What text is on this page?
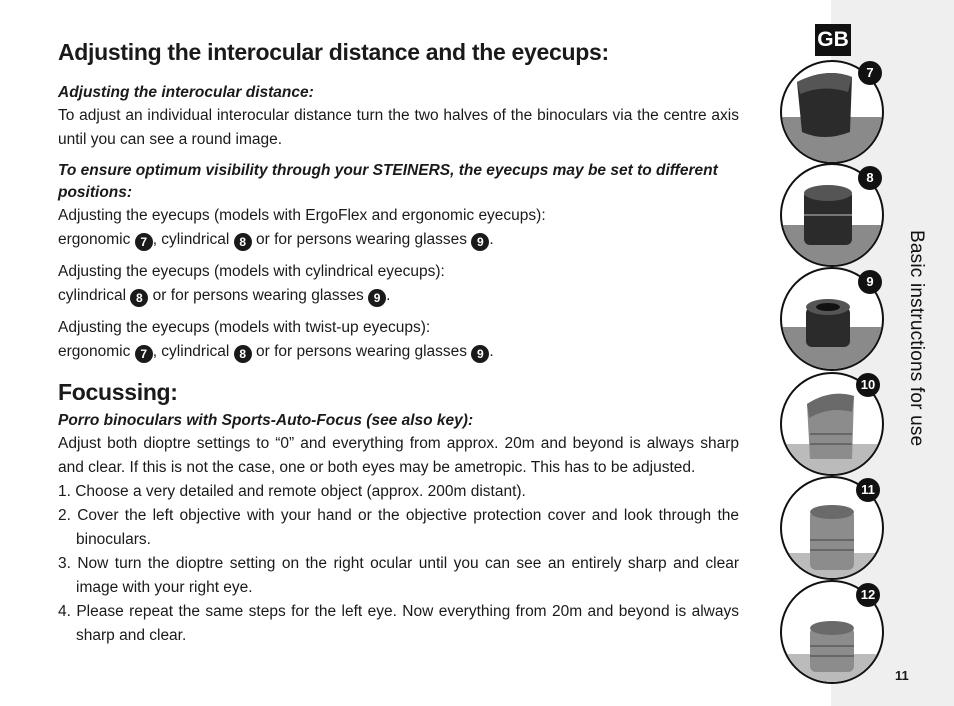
GB
Adjusting the interocular distance and the eyecups:
Adjusting the interocular distance:

To adjust an individual interocular distance turn the two halves of the binoculars via the centre axis until you can see a round image.

To ensure optimum visibility through your STEINERS, the eyecups may be set to different positions:

Adjusting the eyecups (models with ErgoFlex and ergonomic eyecups):

ergonomic 7 , cylindrical 8 or for persons wearing glasses 9 .

Adjusting the eyecups (models with cylindrical eyecups):

cylindrical 8 or for persons wearing glasses 9 .

Adjusting the eyecups (models with twist-up eyecups):

ergonomic 7 , cylindrical 8 or for persons wearing glasses 9 .

Focussing:
Porro binoculars with Sports-Auto-Focus (see also key):

Adjust both dioptre settings to “0” and everything from approx. 20m and beyond is always sharp and clear. If this is not the case, one or both eyes may be ametropic. This has to be adjusted.

1. Choose a very detailed and remote object (approx. 200m distant).
2. Cover the left objective with your hand or the objective protection cover and look through the binoculars.
3. Now turn the dioptre setting on the right ocular until you can see an entirely sharp and clear image with your right eye.
4. Please repeat the same steps for the left eye. Now everything from 20m and beyond is always sharp and clear.
7
8
9
10
11
12
Basic instructions for use
11
